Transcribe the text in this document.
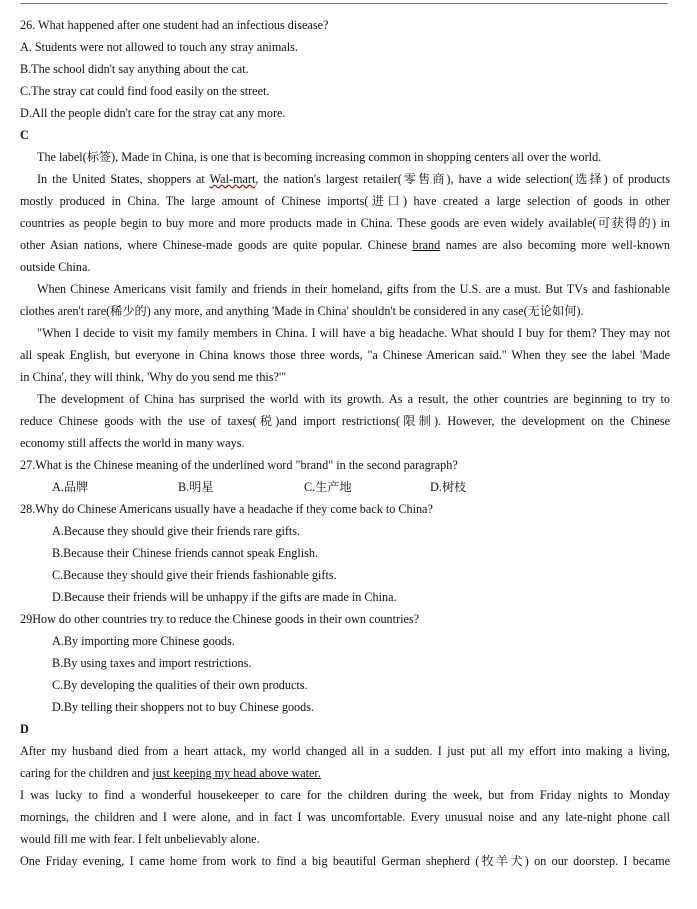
26. What happened after one student had an infectious disease?

A. Students were not allowed to touch any stray animals.

B.The school didn't say anything about the cat.

C.The stray cat could find food easily on the street.

D.All the people didn't care for the stray cat any more.

C

The label(标签), Made in China, is one that is becoming increasing common in shopping centers all over the world.

In the United States, shoppers at Wal-mart, the nation's largest retailer(零售商), have a wide selection(选择) of products

mostly produced in China. The large amount of Chinese imports(进口) have created a large selection of goods in other

countries as people begin to buy more and more products made in China. These goods are even widely available(可获得的) in

other Asian nations, where Chinese-made goods are quite popular. Chinese brand names are also becoming more well-known

outside China.

When Chinese Americans visit family and friends in their homeland, gifts from the U.S. are a must. But TVs and fashionable

clothes aren't rare(稀少的) any more, and anything 'Made in China' shouldn't be considered in any case(无论如何).

"When I decide to visit my family members in China. I will have a big headache. What should I buy for them? They may not

all speak English, but everyone in China knows those three words, "a Chinese American said." When they see the label 'Made

in China', they will think, 'Why do you send me this?'"

The development of China has surprised the world with its growth. As a result, the other countries are beginning to try to

reduce Chinese goods with the use of taxes(税)and import restrictions(限制). However, the development on the Chinese

economy still affects the world in many ways.

27.What is the Chinese meaning of the underlined word "brand" in the second paragraph?

A.品牌	B.明星	C.生产地	D.树枝

28.Why do Chinese Americans usually have a headache if they come back to China?

A.Because they should give their friends rare gifts.

B.Because their Chinese friends cannot speak English.

C.Because they should give their friends fashionable gifts.

D.Because their friends will be unhappy if the gifts are made in China.

29How do other countries try to reduce the Chinese goods in their own countries?

A.By importing more Chinese goods.

B.By using taxes and import restrictions.

C.By developing the qualities of their own products.

D.By telling their shoppers not to buy Chinese goods.

D

After my husband died from a heart attack, my world changed all in a sudden. I just put all my effort into making a living,

caring for the children and just keeping my head above water.

I was lucky to find a wonderful housekeeper to care for the children during the week, but from Friday nights to Monday

mornings, the children and I were alone, and in fact I was uncomfortable. Every unusual noise and any late-night phone call

would fill me with fear. I felt unbelievably alone.

One Friday evening, I came home from work to find a big beautiful German shepherd (牧羊犬) on our doorstep. I became
